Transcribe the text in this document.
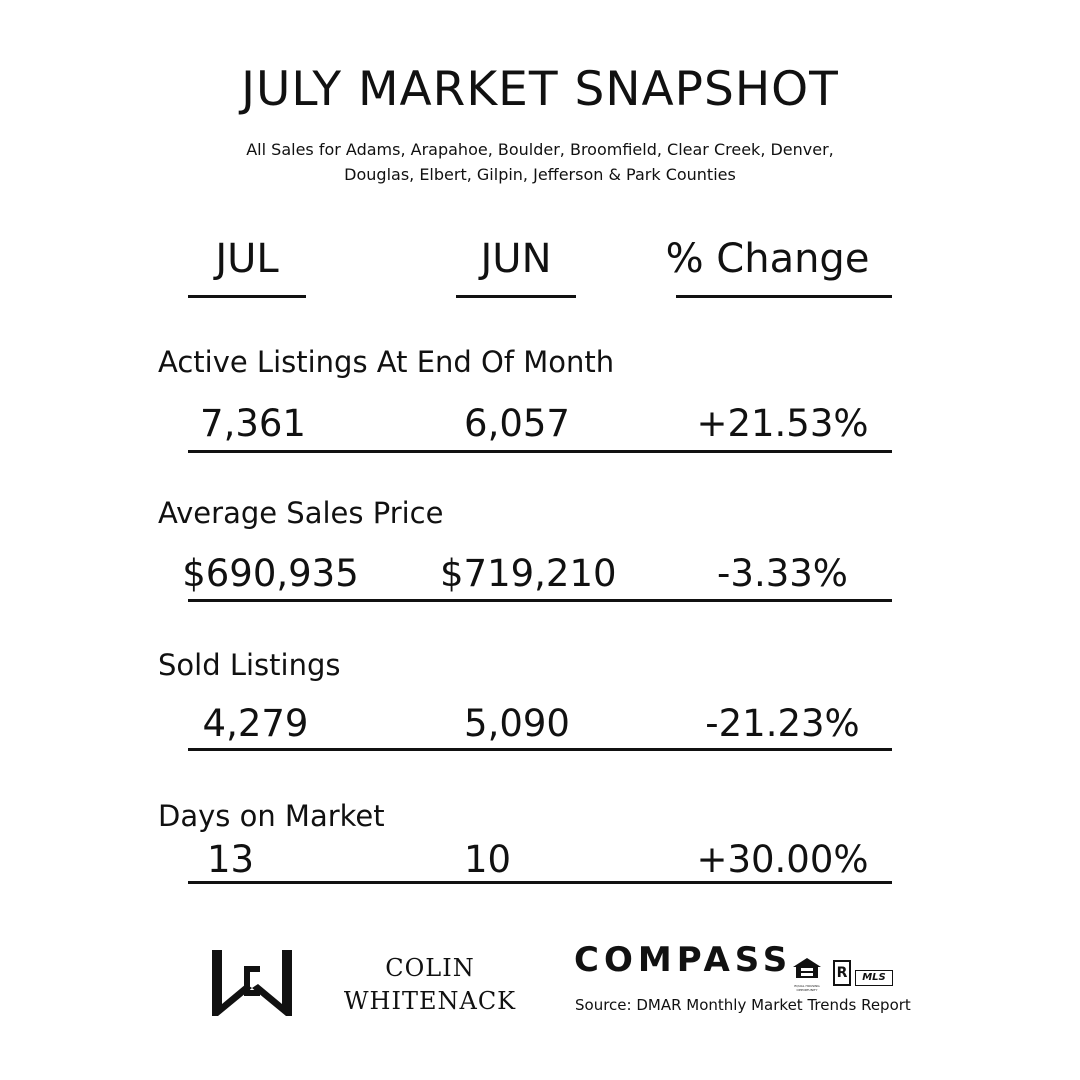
JULY MARKET SNAPSHOT
All Sales for Adams, Arapahoe, Boulder, Broomfield, Clear Creek, Denver,
Douglas, Elbert, Gilpin, Jefferson & Park Counties
JUL	JUN	% Change
Active Listings At End Of Month
7,361	6,057	+21.53%
Average Sales Price
$690,935 $719,210	-3.33%
Sold Listings
4,279	5,090	-21.23%
Days on Market
13	10	+30.00%
COLIN
WHITENACK
COMPASS
EQUAL HOUSING OPPORTUNITY
R	MLS
Source: DMAR Monthly Market Trends Report
